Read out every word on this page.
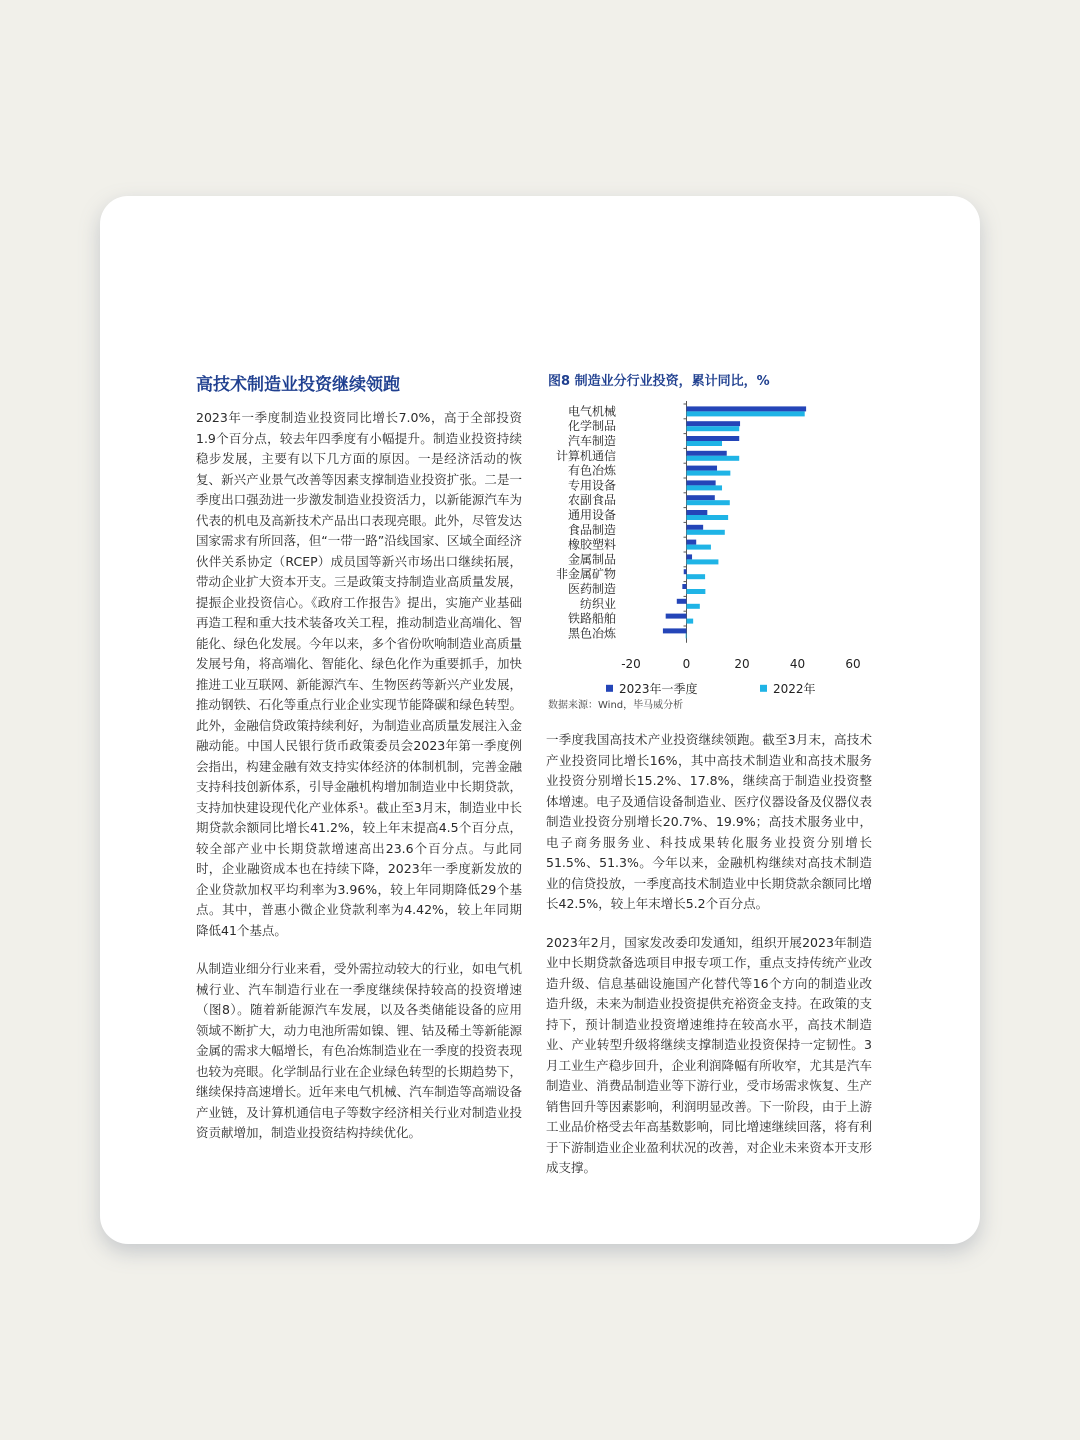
高技术制造业投资继续领跑

2023年一季度制造业投资同比增长7.0%，高于全部投资1.9个百分点，较去年四季度有小幅提升。制造业投资持续稳步发展，主要有以下几方面的原因。一是经济活动的恢复、新兴产业景气改善等因素支撑制造业投资扩张。二是一季度出口强劲进一步激发制造业投资活力，以新能源汽车为代表的机电及高新技术产品出口表现亮眼。此外，尽管发达国家需求有所回落，但“一带一路”沿线国家、区域全面经济伙伴关系协定（RCEP）成员国等新兴市场出口继续拓展，带动企业扩大资本开支。三是政策支持制造业高质量发展，提振企业投资信心。《政府工作报告》提出，实施产业基础再造工程和重大技术装备攻关工程，推动制造业高端化、智能化、绿色化发展。今年以来，多个省份吹响制造业高质量发展号角，将高端化、智能化、绿色化作为重要抓手，加快推进工业互联网、新能源汽车、生物医药等新兴产业发展，推动钢铁、石化等重点行业企业实现节能降碳和绿色转型。此外，金融信贷政策持续利好，为制造业高质量发展注入金融动能。中国人民银行货币政策委员会2023年第一季度例会指出，构建金融有效支持实体经济的体制机制，完善金融支持科技创新体系，引导金融机构增加制造业中长期贷款，支持加快建设现代化产业体系¹。截止至3月末，制造业中长期贷款余额同比增长41.2%，较上年末提高4.5个百分点，较全部产业中长期贷款增速高出23.6个百分点。与此同时，企业融资成本也在持续下降，2023年一季度新发放的企业贷款加权平均利率为3.96%，较上年同期降低29个基点。其中，普惠小微企业贷款利率为4.42%，较上年同期降低41个基点。

从制造业细分行业来看，受外需拉动较大的行业，如电气机械行业、汽车制造行业在一季度继续保持较高的投资增速（图8）。随着新能源汽车发展，以及各类储能设备的应用领域不断扩大，动力电池所需如镍、锂、钴及稀土等新能源金属的需求大幅增长，有色冶炼制造业在一季度的投资表现也较为亮眼。化学制品行业在企业绿色转型的长期趋势下，继续保持高速增长。近年来电气机械、汽车制造等高端设备产业链，及计算机通信电子等数字经济相关行业对制造业投资贡献增加，制造业投资结构持续优化。

图8 制造业分行业投资，累计同比，%
电气机械
化学制品
汽车制造
计算机通信
有色冶炼
专用设备
农副食品
通用设备
食品制造
橡胶塑料
金属制品
非金属矿物
医药制造
纺织业
铁路船舶
黑色冶炼
-20	0	20	40	60
2023年一季度	2022年
数据来源：Wind，毕马威分析

一季度我国高技术产业投资继续领跑。截至3月末，高技术产业投资同比增长16%，其中高技术制造业和高技术服务业投资分别增长15.2%、17.8%，继续高于制造业投资整体增速。电子及通信设备制造业、医疗仪器设备及仪器仪表制造业投资分别增长20.7%、19.9%；高技术服务业中，电子商务服务业、科技成果转化服务业投资分别增长51.5%、51.3%。今年以来，金融机构继续对高技术制造业的信贷投放，一季度高技术制造业中长期贷款余额同比增长42.5%，较上年末增长5.2个百分点。

2023年2月，国家发改委印发通知，组织开展2023年制造业中长期贷款备选项目申报专项工作，重点支持传统产业改造升级、信息基础设施国产化替代等16个方向的制造业改造升级，未来为制造业投资提供充裕资金支持。在政策的支持下，预计制造业投资增速维持在较高水平，高技术制造业、产业转型升级将继续支撑制造业投资保持一定韧性。3月工业生产稳步回升，企业利润降幅有所收窄，尤其是汽车制造业、消费品制造业等下游行业，受市场需求恢复、生产销售回升等因素影响，利润明显改善。下一阶段，由于上游工业品价格受去年高基数影响，同比增速继续回落，将有利于下游制造业企业盈利状况的改善，对企业未来资本开支形成支撑。
